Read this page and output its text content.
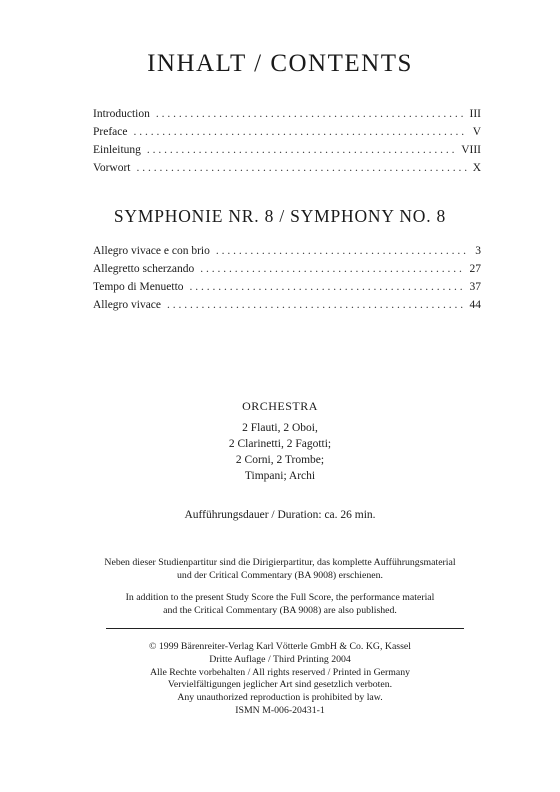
INHALT / CONTENTS
Introduction . . .	III
Preface . . .	V
Einleitung . . .	VIII
Vorwort . . .	X
SYMPHONIE NR. 8 / SYMPHONY NO. 8
Allegro vivace e con brio . . .	3
Allegretto scherzando . . .	27
Tempo di Menuetto . . .	37
Allegro vivace . . .	44
ORCHESTRA
2 Flauti, 2 Oboi,
2 Clarinetti, 2 Fagotti;
2 Corni, 2 Trombe;
Timpani; Archi
Aufführungsdauer / Duration: ca. 26 min.
Neben dieser Studienpartitur sind die Dirigierpartitur, das komplette Aufführungsmaterial
und der Critical Commentary (BA 9008) erschienen.
In addition to the present Study Score the Full Score, the performance material
and the Critical Commentary (BA 9008) are also published.
© 1999 Bärenreiter-Verlag Karl Vötterle GmbH & Co. KG, Kassel
Dritte Auflage / Third Printing 2004
Alle Rechte vorbehalten / All rights reserved / Printed in Germany
Vervielfältigungen jeglicher Art sind gesetzlich verboten.
Any unauthorized reproduction is prohibited by law.
ISMN M-006-20431-1
